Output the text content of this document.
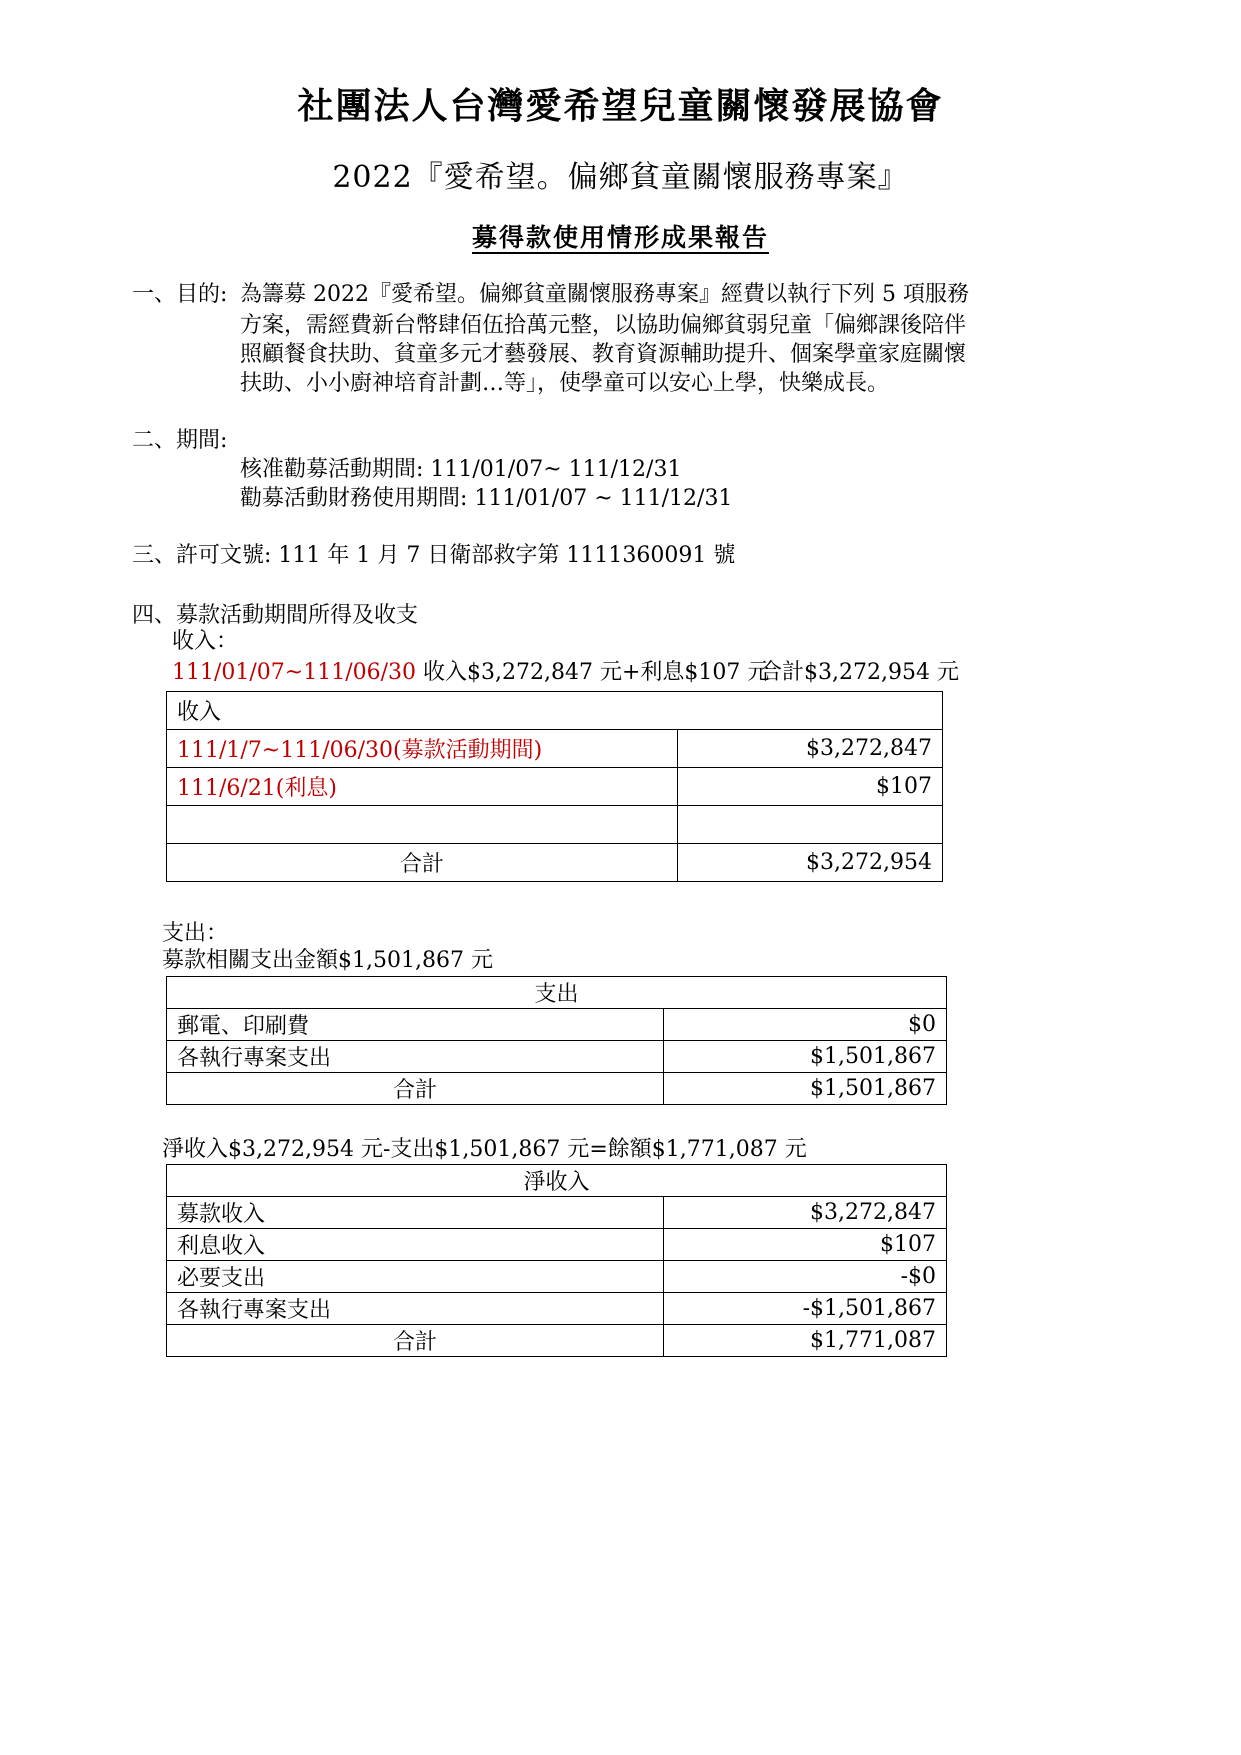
社團法人台灣愛希望兒童關懷發展協會
2022『愛希望。偏鄉貧童關懷服務專案』
募得款使用情形成果報告
一、目的: 為籌募 2022『愛希望。偏鄉貧童關懷服務專案』經費以執行下列 5 項服務
方案，需經費新台幣肆佰伍拾萬元整，以協助偏鄉貧弱兒童「偏鄉課後陪伴
照顧餐食扶助、貧童多元才藝發展、教育資源輔助提升、個案學童家庭關懷
扶助、小小廚神培育計劃…等」，使學童可以安心上學，快樂成長。
二、期間:
核准勸募活動期間: 111/01/07~ 111/12/31
勸募活動財務使用期間: 111/01/07 ~ 111/12/31
三、許可文號: 111 年 1 月 7 日衛部救字第 1111360091 號
四、募款活動期間所得及收支
收入：
111/01/07~111/06/30 收入$3,272,847 元+利息$107 元
合計$3,272,954 元
收入	
111/1/7~111/06/30(募款活動期間)	$3,272,847
111/6/21(利息)	$107

合計	$3,272,954
支出：
募款相關支出金額$1,501,867 元
支出	
郵電、印刷費	$0
各執行專案支出	$1,501,867
合計	$1,501,867
淨收入$3,272,954 元-支出$1,501,867 元=餘額$1,771,087 元
淨收入	
募款收入	$3,272,847
利息收入	$107
必要支出	-$0
各執行專案支出	-$1,501,867
合計	$1,771,087
